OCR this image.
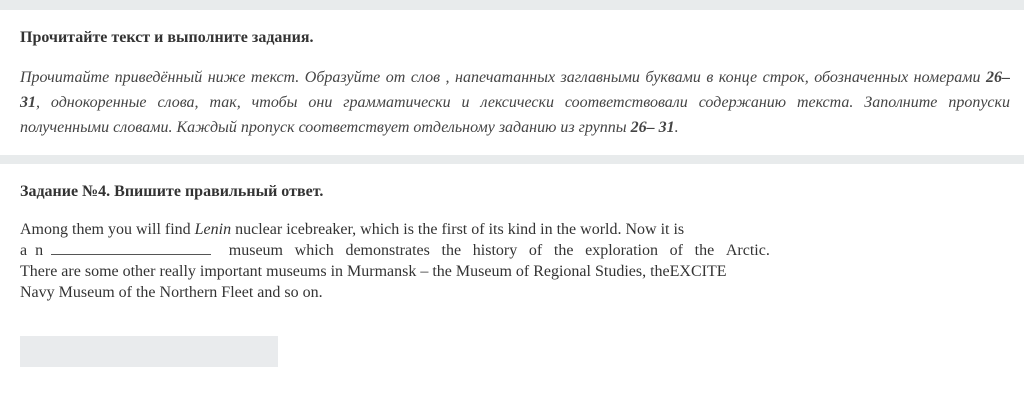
Прочитайте текст и выполните задания.
Прочитайте приведённый ниже текст. Образуйте от слов , напечатанных заглавными буквами в конце строк, обозначенных номерами 26– 31, однокоренные слова, так, чтобы они грамматически и лексически соответствовали содержанию текста. Заполните пропуски полученными словами. Каждый пропуск соответствует отдельному заданию из группы 26– 31.
Задание №4. Впишите правильный ответ.
Among them you will find Lenin nuclear icebreaker, which is the first of its kind in the world. Now it is
a n	museum which demonstrates the history of the exploration of the Arctic.
There are some other really important museums in Murmansk – the Museum of Regional Studies, theEXCITE
Navy Museum of the Northern Fleet and so on.
